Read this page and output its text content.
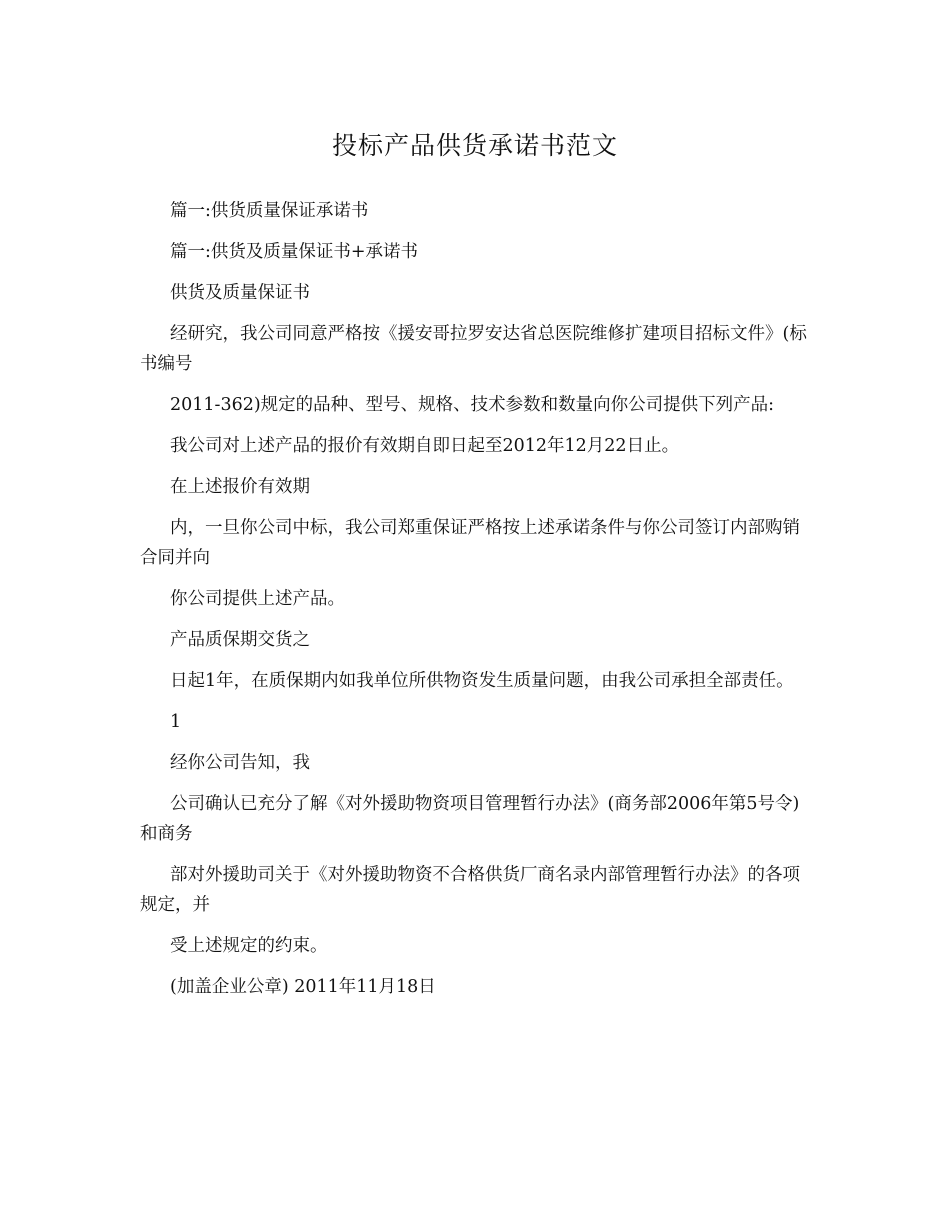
投标产品供货承诺书范文

篇一:供货质量保证承诺书

篇一:供货及质量保证书+承诺书

供货及质量保证书

经研究，我公司同意严格按《援安哥拉罗安达省总医院维修扩建项目招标文件》(标书编号

2011-362)规定的品种、型号、规格、技术参数和数量向你公司提供下列产品:

我公司对上述产品的报价有效期自即日起至2012年12月22日止。

在上述报价有效期

内，一旦你公司中标，我公司郑重保证严格按上述承诺条件与你公司签订内部购销合同并向

你公司提供上述产品。

产品质保期交货之

日起1年，在质保期内如我单位所供物资发生质量问题，由我公司承担全部责任。

1

经你公司告知，我

公司确认已充分了解《对外援助物资项目管理暂行办法》(商务部2006年第5号令)和商务

部对外援助司关于《对外援助物资不合格供货厂商名录内部管理暂行办法》的各项规定，并

受上述规定的约束。

(加盖企业公章) 2011年11月18日
